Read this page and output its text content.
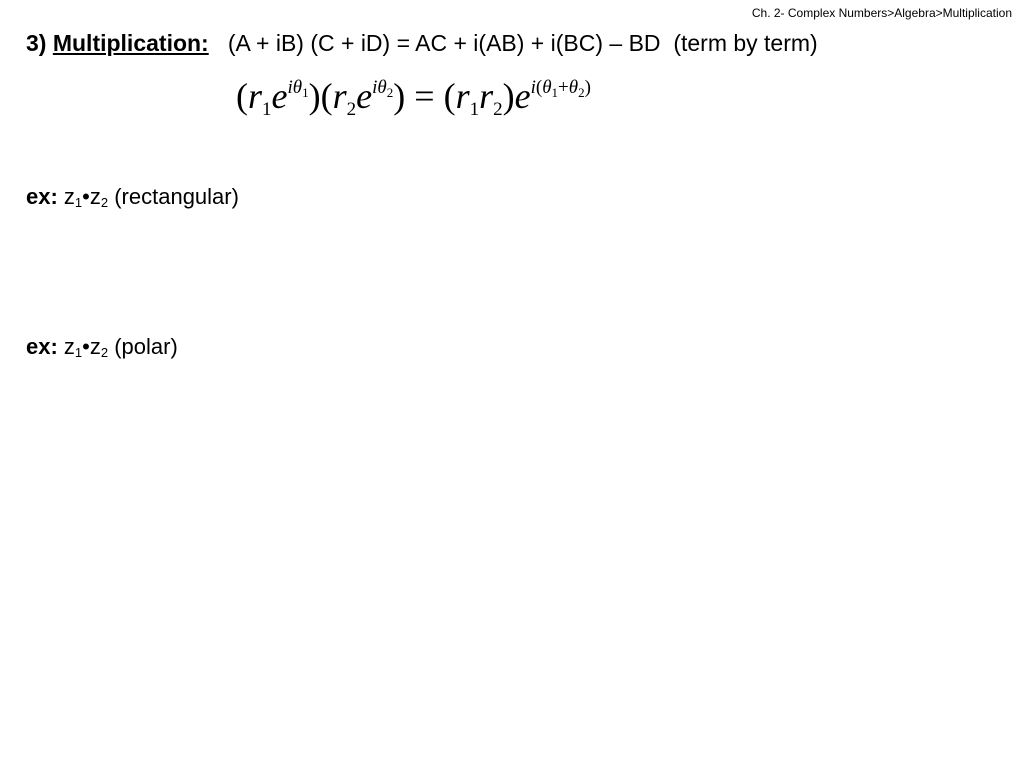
Ch. 2- Complex Numbers>Algebra>Multiplication
3) Multiplication: (A + iB) (C + iD) = AC + i(AB) + i(BC) – BD (term by term)
$(r_1e^{i\theta_1})(r_2e^{i\theta_2}) = (r_1r_2)e^{i(\theta_1+\theta_2)}$
ex: $z_1•z_2$ (rectangular)
ex: $z_1•z_2$ (polar)
